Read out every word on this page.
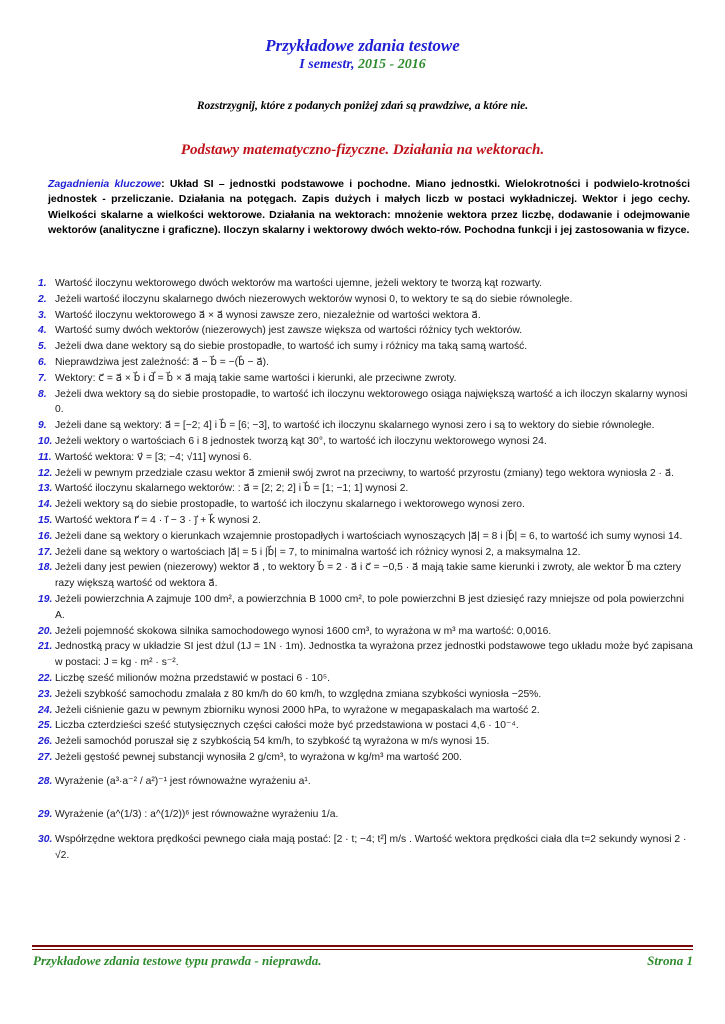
Przykładowe zdania testowe
I semestr, 2015 - 2016
Rozstrzygnij, które z podanych poniżej zdań są prawdziwe, a które nie.
Podstawy matematyczno-fizyczne. Działania na wektorach.
Zagadnienia kluczowe: Układ SI – jednostki podstawowe i pochodne. Miano jednostki. Wielokrotności i podwielo-krotności jednostek - przeliczanie. Działania na potęgach. Zapis dużych i małych liczb w postaci wykładniczej. Wektor i jego cechy. Wielkości skalarne a wielkości wektorowe. Działania na wektorach: mnożenie wektora przez liczbę, dodawanie i odejmowanie wektorów (analityczne i graficzne). Iloczyn skalarny i wektorowy dwóch wekto-rów. Pochodna funkcji i jej zastosowania w fizyce.
1. Wartość iloczynu wektorowego dwóch wektorów ma wartości ujemne, jeżeli wektory te tworzą kąt rozwarty.
2. Jeżeli wartość iloczynu skalarnego dwóch niezerowych wektorów wynosi 0, to wektory te są do siebie równoległe.
3. Wartość iloczynu wektorowego a⃗ × a⃗ wynosi zawsze zero, niezależnie od wartości wektora a⃗.
4. Wartość sumy dwóch wektorów (niezerowych) jest zawsze większa od wartości różnicy tych wektorów.
5. Jeżeli dwa dane wektory są do siebie prostopadłe, to wartość ich sumy i różnicy ma taką samą wartość.
6. Nieprawdziwa jest zależność: a⃗ − b⃗ = −(b⃗ − a⃗).
7. Wektory: c⃗ = a⃗ × b⃗ i d⃗ = b⃗ × a⃗ mają takie same wartości i kierunki, ale przeciwne zwroty.
8. Jeżeli dwa wektory są do siebie prostopadłe, to wartość ich iloczynu wektorowego osiąga największą wartość a ich iloczyn skalarny wynosi 0.
9. Jeżeli dane są wektory: a⃗ = [−2; 4] i b⃗ = [6; −3], to wartość ich iloczynu skalarnego wynosi zero i są to wektory do siebie równoległe.
10. Jeżeli wektory o wartościach 6 i 8 jednostek tworzą kąt 30°, to wartość ich iloczynu wektorowego wynosi 24.
11. Wartość wektora: v⃗ = [3; −4; √11] wynosi 6.
12. Jeżeli w pewnym przedziale czasu wektor a⃗ zmienił swój zwrot na przeciwny, to wartość przyrostu (zmiany) tego wektora wyniosła 2 · a⃗.
13. Wartość iloczynu skalarnego wektorów: : a⃗ = [2; 2; 2] i b⃗ = [1; −1; 1] wynosi 2.
14. Jeżeli wektory są do siebie prostopadłe, to wartość ich iloczynu skalarnego i wektorowego wynosi zero.
15. Wartość wektora r⃗ = 4 · i⃗ − 3 · j⃗ + k⃗ wynosi 2.
16. Jeżeli dane są wektory o kierunkach wzajemnie prostopadłych i wartościach wynoszących |a⃗| = 8 i |b⃗| = 6, to wartość ich sumy wynosi 14.
17. Jeżeli dane są wektory o wartościach |a⃗| = 5 i |b⃗| = 7, to minimalna wartość ich różnicy wynosi 2, a maksymalna 12.
18. Jeżeli dany jest pewien (niezerowy) wektor a⃗ , to wektory b⃗ = 2 · a⃗ i c⃗ = −0,5 · a⃗ mają takie same kierunki i zwroty, ale wektor b⃗ ma cztery razy większą wartość od wektora a⃗.
19. Jeżeli powierzchnia A zajmuje 100 dm², a powierzchnia B 1000 cm², to pole powierzchni B jest dziesięć razy mniejsze od pola powierzchni A.
20. Jeżeli pojemność skokowa silnika samochodowego wynosi 1600 cm³, to wyrażona w m³ ma wartość: 0,0016.
21. Jednostką pracy w układzie SI jest dżul (1J = 1N · 1m). Jednostka ta wyrażona przez jednostki podstawowe tego układu może być zapisana w postaci: J = kg · m² · s⁻².
22. Liczbę sześć milionów można przedstawić w postaci 6 · 10⁵.
23. Jeżeli szybkość samochodu zmalała z 80 km/h do 60 km/h, to względna zmiana szybkości wyniosła −25%.
24. Jeżeli ciśnienie gazu w pewnym zbiorniku wynosi 2000 hPa, to wyrażone w megapaskalach ma wartość 2.
25. Liczba czterdzieści sześć stutysięcznych części całości może być przedstawiona w postaci 4,6 · 10⁻⁴.
26. Jeżeli samochód poruszał się z szybkością 54 km/h, to szybkość tą wyrażona w m/s wynosi 15.
27. Jeżeli gęstość pewnej substancji wynosiła 2 g/cm³, to wyrażona w kg/m³ ma wartość 200.
28. Wyrażenie (a³·a⁻² / a²)⁻¹ jest równoważne wyrażeniu a¹.
29. Wyrażenie (a^(1/3) : a^(1/2))⁶ jest równoważne wyrażeniu 1/a.
30. Współrzędne wektora prędkości pewnego ciała mają postać: [2 · t; −4; t²] m/s . Wartość wektora prędkości ciała dla t=2 sekundy wynosi 2 · √2.
Przykładowe zdania testowe typu prawda - nieprawda.	Strona 1
